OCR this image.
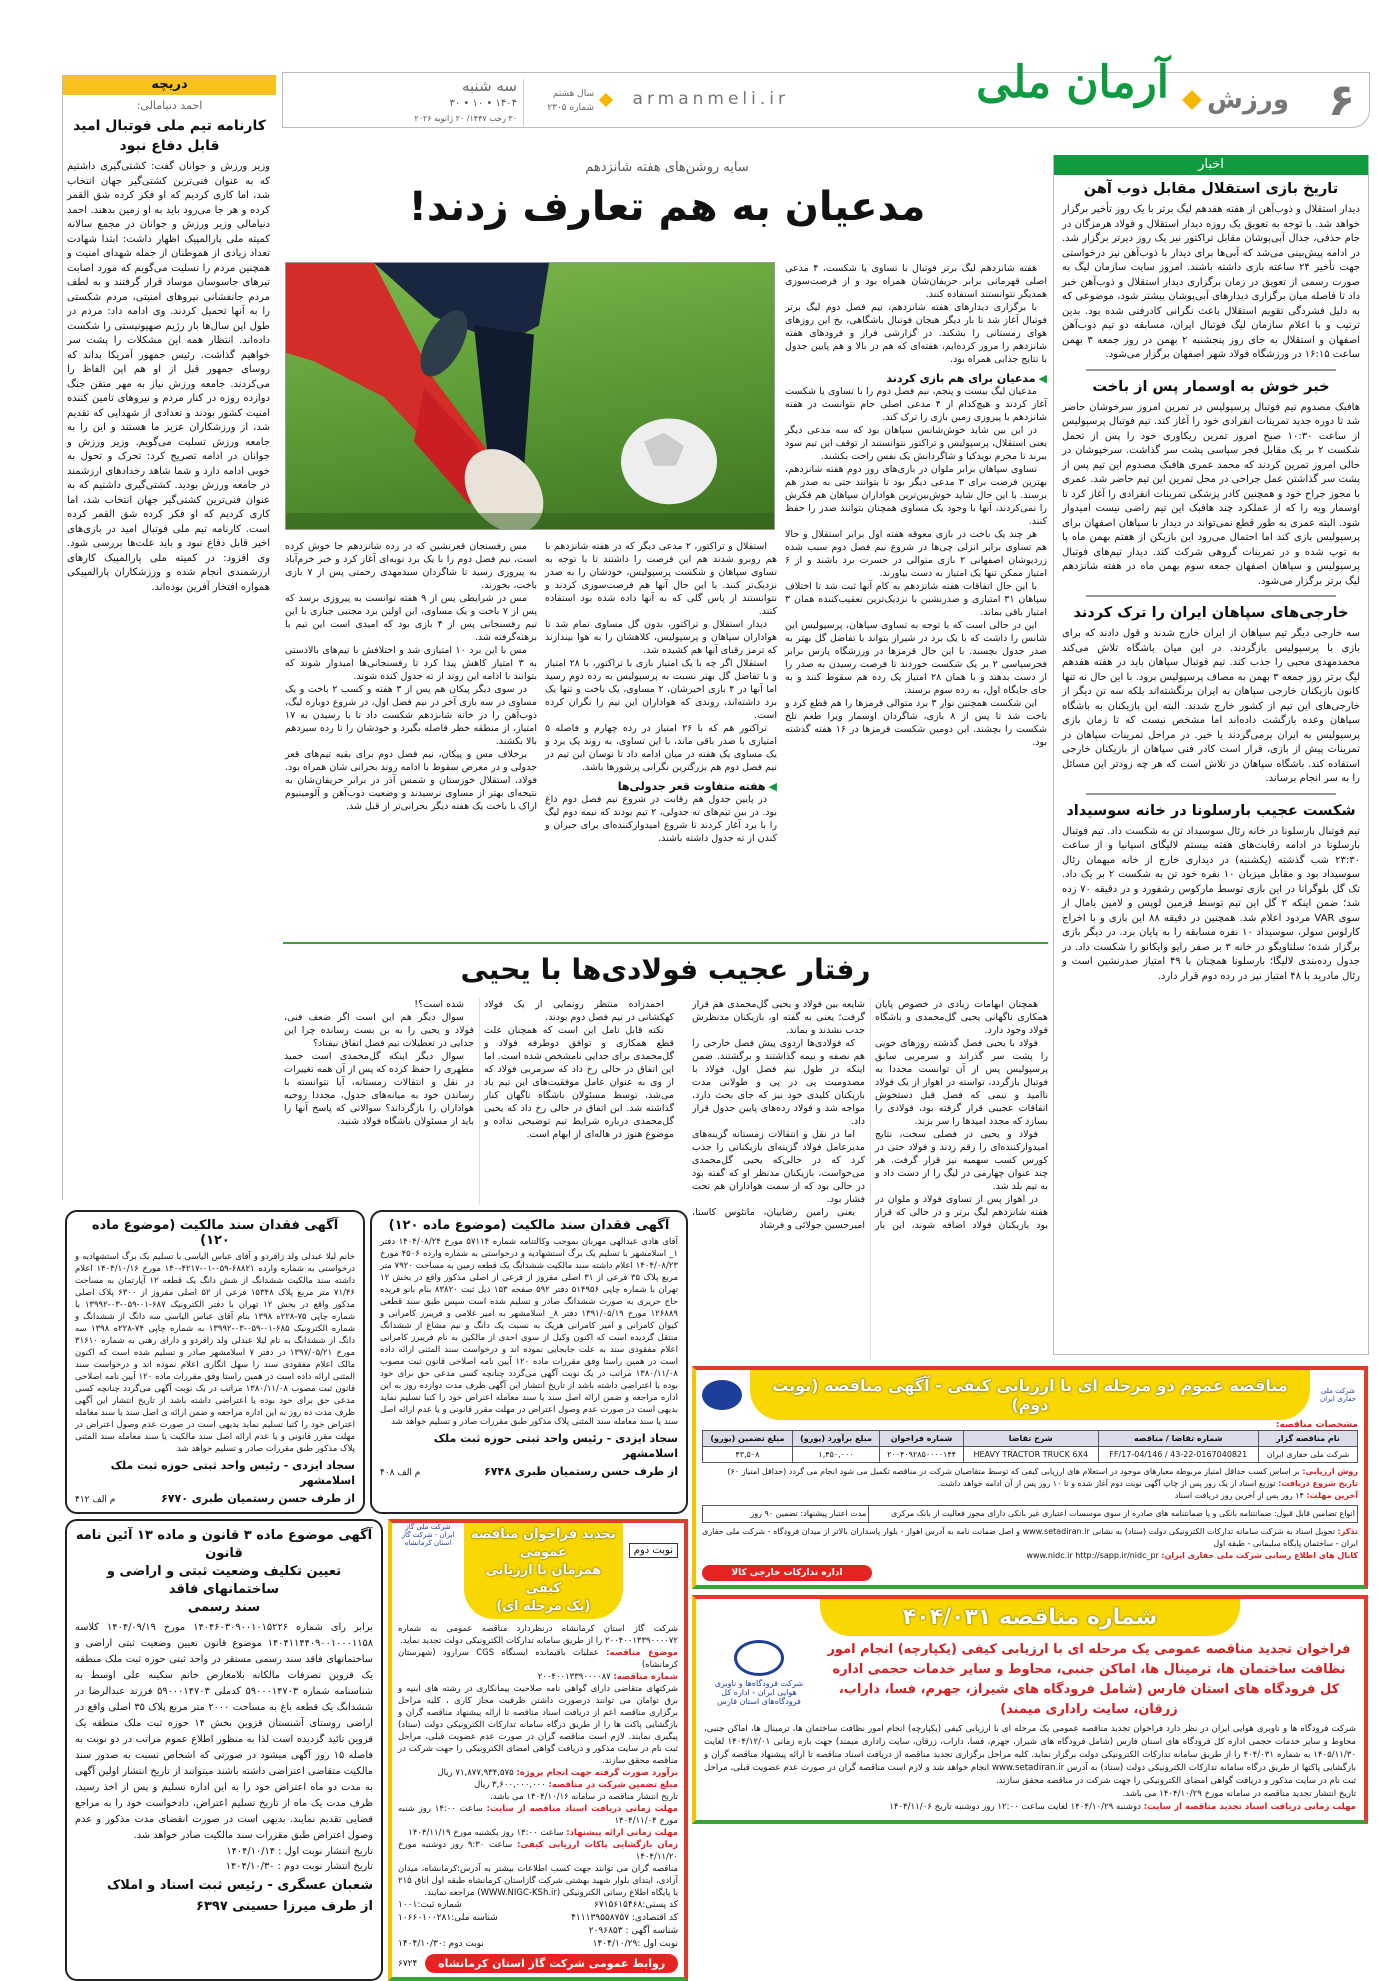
۶
ورزش
آرمان ملی
armanmeli.ir
سال هشتم
شماره ۲۳۰۵
سه شنبه
۱۴۰۴ • ۱۰ • ۳۰
۳۰ رجب ۱۴۴۷/ ۲۰ ژانویه ۲۰۲۶
دریچه
احمد دنیامالی:
کارنامه تیم ملی فوتبال امید قابل دفاع نبود
وزیر ورزش و جوانان گفت: کشتی‌گیری داشتیم که به عنوان فنی‌ترین کشتی‌گیر جهان انتخاب شد، اما کاری کردیم که او فکر کرده شق القمر کرده و هر جا می‌رود باید به او زمین بدهند. احمد دنیامالی وزیر ورزش و جوانان در مجمع سالانه کمیته ملی پارالمپیک اظهار داشت: ابتدا شهادت تعداد زیادی از هموطنان از جمله شهدای امنیت و همچنین مردم را تسلیت می‌گویم که مورد اصابت تیرهای جاسوسان موساد قرار گرفتند و به لطف مردم جانفشانی نیروهای امنیتی، مردم شکستی را به آنها تحمیل کردند. وی ادامه داد: مردم در طول این سال‌ها بار رژیم صهیونیستی را شکست داده‌اند. انتظار همه این مشکلات را پشت سر خواهیم گذاشت. رئیس جمهور آمریکا بداند که روسای جمهور قبل از او هم این الفاظ را می‌کردند. جامعه ورزش نیاز به مهر متقن جنگ دوازده روزه در کنار مردم و نیروهای تامین کننده امنیت کشور بودند و تعدادی از شهدایی که تقدیم شد، از ورزشکاران عزیز ما هستند و این را به جامعه ورزش تسلیت می‌گویم. وزیر ورزش و جوانان در ادامه تصریح کرد: تحرک و تحول به خوبی ادامه دارد و شما شاهد رخدادهای ارزشمند در جامعه ورزش بودید. کشتی‌گیری داشتیم که به عنوان فنی‌ترین کشتی‌گیر جهان انتخاب شد، اما کاری کردیم که او فکر کرده شق القمر کرده است. کارنامه تیم ملی فوتبال امید در بازی‌های اخیر قابل دفاع نبود و باید علت‌ها بررسی شود. وی افزود: در کمیته ملی پارالمپیک کارهای ارزشمندی انجام شده و ورزشکاران پارالمپیکی همواره افتخار آفرین بوده‌اند.
اخبار
تاریخ بازی استقلال مقابل ذوب آهن
دیدار استقلال و ذوب‌آهن از هفته هفدهم لیگ برتر با یک روز تأخیر برگزار خواهد شد. با توجه به تعویق یک روزه دیدار استقلال و فولاد هرمزگان در جام حذفی، جدال آبی‌پوشان مقابل تراکتور نیز یک روز دیرتر برگزار شد. در ادامه پیش‌بینی می‌شد که آبی‌ها برای دیدار با ذوب‌آهن نیز درخواستی جهت تأخیر ۲۴ ساعته بازی داشته باشند. امروز سایت سازمان لیگ به صورت رسمی از تعویق در زمان برگزاری دیدار استقلال و ذوب‌آهن خبر داد تا فاصله میان برگزاری دیدارهای آبی‌پوشان بیشتر شود، موضوعی که به دلیل فشردگی تقویم استقلال باعث نگرانی کادرفنی شده بود. بدین ترتیب و با اعلام سازمان لیگ فوتبال ایران، مسابقه دو تیم ذوب‌آهن اصفهان و استقلال به جای روز پنجشنبه ۲ بهمن در روز جمعه ۳ بهمن ساعت ۱۶:۱۵ در ورزشگاه فولاد شهر اصفهان برگزار می‌شود.
خبر خوش به اوسمار پس از باخت
هافبک مصدوم تیم فوتبال پرسپولیس در تمرین امروز سرخوشان حاضر شد تا دوره جدید تمرینات انفرادی خود را آغاز کند. تیم فوتبال پرسپولیس از ساعت ۱۰:۳۰ صبح امروز تمرین ریکاوری خود را پس از تحمل شکست ۲ بر یک مقابل فجر سپاسی پشت سر گذاشت. سرخپوشان در حالی امروز تمرین کردند که محمد عمری هافبک مصدوم این تیم پس از پشت سر گذاشتن عمل جراحی در محل تمرین این تیم حاضر شد. عمری با مجوز جراح خود و همچنین کادر پزشکی تمرینات انفرادی را آغاز کرد تا اوسمار ویه را که از عملکرد چند هافبک این تیم راضی نیست امیدوار شود. البته عمری به طور قطع نمی‌تواند در دیدار با سپاهان اصفهان برای پرسپولیس بازی کند اما احتمال می‌رود این بازیکن از هفتم بهمن ماه پا به توپ شده و در تمرینات گروهی شرکت کند. دیدار تیم‌های فوتبال پرسپولیس و سپاهان اصفهان جمعه سوم بهمن ماه در هفته شانزدهم لیگ برتر برگزار می‌شود.
خارجی‌های سپاهان ایران را ترک کردند
سه خارجی دیگر تیم سپاهان از ایران خارج شدند و قول دادند که برای بازی با پرسپولیس بازگردند. در این میان باشگاه تلاش می‌کند محمدمهدی محبی را جذب کند. تیم فوتبال سپاهان باید در هفته هفدهم لیگ برتر روز جمعه ۳ بهمن به مصاف پرسپولیس برود. با این حال نه تنها کانون بازیکنان خارجی سپاهان به ایران برنگشته‌اند بلکه سه تن دیگر از خارجی‌های این تیم از کشور خارج شدند. البته این بازیکنان به باشگاه سپاهان وعده بازگشت داده‌اند اما مشخص نیست که تا زمان بازی پرسپولیس به ایران برمی‌گردند یا خیر. در مراحل تمرینات سپاهان در تمرینات پیش از بازی، قرار است کادر فنی سپاهان از بازیکنان خارجی استفاده کند. باشگاه سپاهان در تلاش است که هر چه زودتر این مسائل را به سر انجام برساند.
شکست عجیب بارسلونا در خانه سوسیداد
تیم فوتبال بارسلونا در خانه رئال سوسیداد تن به شکست داد. تیم فوتبال بارسلونا در ادامه رقابت‌های هفته بیستم لالیگای اسپانیا و از ساعت ۲۳:۳۰ شب گذشته (یکشنبه) در دیداری خارج از خانه میهمان رئال سوسیداد بود و مقابل میزبان ۱۰ نفره خود تن به شکست ۲ بر یک داد. تک گل بلوگرانا در این بازی توسط مارکوس رشفورد و در دقیقه ۷۰ زده شد؛ ضمن اینکه ۲ گل این تیم توسط فرمین لوپس و لامین یامال از سوی VAR مردود اعلام شد. همچنین در دقیقه ۸۸ این بازی و با اخراج کارلوس سولر، سوسیداد ۱۰ نفره مسابقه را به پایان برد. در دیگر بازی برگزار شده؛ سلتاویگو در خانه ۳ بر صفر رایو وایکانو را شکست داد. در جدول رده‌بندی لالیگا؛ بارسلونا همچنان با ۴۹ امتیاز صدرنشین است و رئال مادرید با ۴۸ امتیاز نیز در رده دوم قرار دارد.
سایه روشن‌های هفته شانزدهم
مدعیان به هم تعارف زدند!

هفته شانزدهم لیگ برتر فوتبال با تساوی یا شکست، ۴ مدعی اصلی قهرمانی برابر حریفان‌شان همراه بود و از فرصت‌سوزی همدیگر نتوانستند استفاده کنند.

با برگزاری دیدارهای هفته شانزدهم، نیم فصل دوم لیگ برتر فوتبال آغاز شد تا بار دیگر هیجان فوتبال باشگاهی، یخ این روزهای هوای زمستانی را بشکند. در گزارشی فراز و فرودهای هفته شانزدهم را مرور کرده‌ایم، هفته‌ای که هم در بالا و هم پایین جدول با نتایج جذابی همراه بود.

◀ مدعیان برای هم بازی کردند

مدعیان لیگ بیست و پنجم، نیم فصل دوم را با تساوی یا شکست آغاز کردند و هیچ‌کدام از ۴ مدعی اصلی جام نتوانست در هفته شانزدهم با پیروزی زمین بازی را ترک کند.

در این بین شاید خوش‌شانس سپاهان بود که سه مدعی دیگر یعنی استقلال، پرسپولیس و تراکتور نتوانستند از توقف این تیم سود ببرند تا محرم نویدکیا و شاگردانش یک نفس راحت بکشند.

تساوی سپاهان برابر ملوان در بازی‌های روز دوم هفته شانزدهم، بهترین فرصت برای ۳ مدعی دیگر بود تا بتوانند حتی به صدر هم برسند. با این حال شاید خوش‌بین‌ترین هواداران سپاهان هم فکرش را نمی‌کردند، آنها با وجود یک مساوی همچنان بتوانند صدر را حفظ کنند.

هر چند یک باخت در بازی معوقه هفته اول برابر استقلال و حالا هم تساوی برابر انزلی چی‌ها در شروع نیم فصل دوم سبب شده زردپوشان اصفهانی ۲ بازی متوالی در حسرت برد باشند و از ۶ امتیاز ممکن تنها یک امتیاز به دست بیاورند.

با این حال اتفاقات هفته شانزدهم به کام آنها ثبت شد تا اختلاف سپاهان ۳۱ امتیازی و صدرنشین با نزدیک‌ترین تعقیب‌کننده همان ۳ امتیاز باقی بماند.

این در حالی است که با توجه به تساوی سپاهان، پرسپولیس این شانس را داشت که با یک برد در شیراز بتواند با تفاضل گل بهتر به صدر جدول بچسبد. با این حال قرمزها در ورزشگاه پارس برابر فجرسپاسی ۲ بر یک شکست خوردند تا فرصت رسیدن به صدر را از دست بدهند و با همان ۲۸ امتیاز یک رده هم سقوط کنند و به جای جایگاه اول، به رده سوم برسند.

این شکست همچنین نوار ۳ برد متوالی قرمزها را هم قطع کرد و باخت شد تا پس از ۸ بازی، شاگردان اوسمار ویرا طعم تلخ شکست را بچشند. این دومین شکست قرمزها در ۱۶ هفته گذشته بود.

استقلال و تراکتور، ۲ مدعی دیگر که در هفته شانزدهم با هم روبرو شدند هم این فرصت را داشتند تا با توجه به تساوی سپاهان و شکست پرسپولیس، خودشان را به صدر نزدیک‌تر کنند. با این حال آنها هم فرصت‌سوزی کردند و نتوانستند از پاس گلی که به آنها داده شده بود استفاده کنند.

دیدار استقلال و تراکتور، بدون گل مساوی تمام شد تا هواداران سپاهان و پرسپولیس، کلاهشان را به هوا بیندازند که ترمز رقبای آنها هم کشیده شد.

استقلال اگر چه با یک امتیاز بازی با تراکتور، با ۲۸ امتیاز و با تفاضل گل بهتر نسبت به پرسپولیس به رده دوم رسید اما آنها در ۴ بازی اخیرشان، ۲ مساوی، یک باخت و تنها یک برد داشته‌اند، روندی که هواداران این تیم را نگران کرده است.

تراکتور هم که با ۲۶ امتیاز در رده چهارم و فاصله ۵ امتیازی با صدر باقی ماند، با این تساوی، به روند یک برد و یک مساوی یک هفته در میان ادامه داد تا نوسان این تیم در نیم فصل دوم هم بزرگترین نگرانی پرشورها باشد.

◀ هفته متفاوت قعر جدولی‌ها

در پایین جدول هم رقابت در شروع نیم فصل دوم داغ بود. در بین تیم‌های ته جدولی، ۲ تیم بودند که نیمه دوم لیگ را با برد آغاز کردند تا شروع امیدوارکننده‌ای برای جبران و کندن از ته جدول داشته باشند.

مس رفسنجان قعرنشین که در رده شانزدهم جا خوش کرده است، نیم فصل دوم را با یک برد نوبه‌ای آغاز کرد و خبر خرم‌آباد به پیروزی رسید تا شاگردان سیدمهدی رحمتی پس از ۷ بازی باخت، بخورند.

مس در شرایطی پس از ۹ هفته توانست به پیروزی برسد که پس از ۷ باخت و یک مساوی، این اولین برد مجتبی جباری با این تیم رفسنجانی پس از ۴ بازی بود که امیدی است این تیم با برهنه‌گرفته شد.

مس با این برد ۱۰ امتیازی شد و اختلافش با تیم‌های بالادستی به ۳ امتیاز کاهش پیدا کرد تا رفسنجانی‌ها امیدوار شوند که بتوانند با ادامه این روند از ته جدول کنده شوند.

در سوی دیگر پیکان هم پس از ۳ هفته و کسب ۲ باخت و یک مساوی در سه بازی آخر در نیم فصل اول، در شروع دوباره لیگ، ذوب‌آهن را در خانه شانزدهم شکست داد تا با رسیدن به ۱۷ امتیاز، از منطقه خطر فاصله بگیرد و خودشان را تا رده سیزدهم بالا بکشند.

برخلاف مس و پیکان، نیم فصل دوم برای بقیه تیم‌های قعر جدولی و در معرض سقوط با ادامه روند بحرانی شان همراه بود. فولاد، استقلال خوزستان و شمس آذر در برابر حریفان‌شان به نتیجه‌ای بهتر از مساوی نرسیدند و وضعیت ذوب‌آهن و آلومینیوم اراک با باخت یک هفته دیگر بحرانی‌تر از قبل شد.

رفتار عجیب فولادی‌ها با یحیی

همچنان ابهامات زیادی در خصوص پایان همکاری ناگهانی یحیی گل‌محمدی و باشگاه فولاد وجود دارد.

فولاد با یحیی فصل گذشته روزهای خوبی را پشت سر گذراند و سرمربی سابق پرسپولیس پس از آن توانست مجددا به فوتبال بازگردد، تواسته در اهواز از یک فولاد ناامید و تیمی که فصل قبل دستخوش اتفاقات عجیبی قرار گرفته بود، فولادی را بسازد که مجدد امیدها را سر بزند.

فولاد و یحیی در فصلی سخت، نتایج امیدوارکننده‌ای را رقم زدند و فولاد حتی در کورس کسب سهمیه نیز قرار گرفت. هر چند عنوان چهارمی در لیگ را از دست داد و به تیم بلد شد.

در اهواز پس از تساوی فولاد و ملوان در هفته شانزدهم لیگ برتر و در حالی که قرار بود بازیکنان فولاد اضافه شوند، این بار شایعه بین فولاد و یحیی گل‌محمدی هم قرار گرفت؛ یعنی به گفته او، بازیکنان مدنظرش جذب نشدند و بماند.

که فولادی‌ها اردوی پیش فصل خارجی را هم نصفه و نیمه گذاشتند و برگشتند. ضمن اینکه در طول نیم فصل اول، فولاد با مصدومیت پی در پی و طولانی مدت بازیکنان کلیدی خود نیز که جای بحث دارد، مواجه شد و فولاد رده‌های پایین جدول قرار داد.

اما در نقل و انتقالات زمستانه گزینه‌های مدیرعامل فولاد گزینه‌ای بازیکنانی را جذب کرد که در حالی‌که یحیی گل‌محمدی می‌خواست، بازیکنان مدنظر او که گفته بود در حالی بود که از سمت هواداران هم تحت فشار بود.

یعنی رامین رضاییان، ماتئوس کاستا، امیرحسین جولائی و فرشاد

شرکت ملی حفاری ایران
مناقصه عموم دو مرحله ای با ارزیابی کیفی - آگهی مناقصه (نوبت دوم)
مشخصات مناقصه:
نام مناقصه گزار	شماره تقاضا / مناقصه	شرح تقاضا	شماره فراخوان	مبلغ برآورد (یورو)	مبلغ تضمین (یورو)
شرکت ملی حفاری ایران	43-22-0167040821 / FF/17-04/146	HEAVY TRACTOR TRUCK 6X4	۲۰۰۴۰۹۲۸۵۰۰۰۰۱۴۴	۱,۴۵۰,۰۰۰	۴۳,۵۰۸
روش ارزیابی: بر اساس کسب حداقل امتیاز مربوطه معیارهای موجود در استعلام های ارزیابی کیفی که توسط متقاضیان شرکت در مناقصه تکمیل می شود انجام می گردد (حداقل امتیاز ۶۰)
تاریخ شروع دریافت: توزیع اسناد از یک روز پس از چاپ آگهی نوبت دوم آغاز شده و تا ۱۰ روز پس از آن ادامه خواهد داشت.
آخرین مهلت: ۱۴ روز پس از آخرین روز دریافت اسناد
انواع تضامین قابل قبول: ضمانتنامه بانکی و یا ضمانتنامه های صادره از سوی موسسات اعتباری غیر بانکی دارای مجوز فعالیت از بانک مرکزی
مدت اعتبار پیشنهاد: تضمین ۹۰ روز
تذکر: تحویل اسناد به شرکت سامانه تدارکات الکترونیکی دولت (ستاد) به نشانی www.setadiran.ir و اصل ضمانت نامه به آدرس اهواز - بلوار پاسداران بالاتر از میدان فرودگاه - شرکت ملی حفاری ایران - ساختمان پایگاه سلیمانی - طبقه اول
کانال های اطلاع رسانی شرکت ملی حفاری ایران: www.nidc.ir http://sapp.ir/nidc_pr
اداره تدارکات خارجی کالا
شماره مناقصه ۴۰۴/۰۳۱
فراخوان تجدید مناقصه عمومی یک مرحله ای با ارزیابی کیفی (یکپارچه) انجام امور نظافت ساختمان ها، ترمینال ها، اماکن جنبی، محاوط و سایر خدمات حجمی اداره کل فرودگاه های استان فارس (شامل فرودگاه های شیراز، جهرم، فسا، داراب، زرقان، سایت راداری میمند)
شرکت فرودگاه‌ها و ناوبری هوایی ایران - اداره کل فرودگاه‌های استان فارس
شرکت فرودگاه ها و ناوبری هوایی ایران در نظر دارد فراخوان تجدید مناقصه عمومی یک مرحله ای با ارزیابی کیفی (یکپارچه) انجام امور نظافت ساختمان ها، ترمینال ها، اماکن جنبی، محاوط و سایر خدمات حجمی اداره کل فرودگاه های استان فارس (شامل فرودگاه های شیراز، جهرم، فسا، داراب، زرقان، سایت راداری میمند) جهت بازه زمانی ۱۴۰۴/۱۲/۰۱ لغایت ۱۴۰۵/۱۱/۳۰ به شماره ۴۰۴/۰۳۱ را از طریق سامانه تدارکات الکترونیکی دولت برگزار نماید. کلیه مراحل برگزاری تجدید مناقصه از دریافت اسناد مناقصه تا ارائه پیشنهاد مناقصه گران و بازگشایی پاکتها از طریق درگاه سامانه تدارکات الکترونیکی دولت (ستاد) به آدرس www.setadiran.ir انجام خواهد شد و لازم است مناقصه گران در صورت عدم عضویت قبلی، مراحل ثبت نام در سایت مذکور و دریافت گواهی امضای الکترونیکی را جهت شرکت در مناقصه محقق سازند.
تاریخ انتشار تجدید مناقصه در سامانه مورخ ۱۴۰۴/۱۰/۲۹ می باشد.
مهلت زمانی دریافت اسناد تجدید مناقصه از سایت: دوشنبه ۱۴۰۴/۱۰/۲۹ لغایت ساعت ۱۲:۰۰ روز دوشنبه تاریخ ۱۴۰۴/۱۱/۰۶

احمدزاده منتظر رونمایی از یک فولاد کهکشانی در نیم فصل دوم بودند.

نکته قابل تامل این است که همچنان علت قطع همکاری و توافق دوطرفه فولاد و گل‌محمدی برای جدایی نامشخص شده است. اما این اتفاق در حالی رخ داد که سرمربی فولاد که از وی به عنوان عامل موفقیت‌های این تیم یاد می‌شد، توسط مسئولان باشگاه ناگهان کنار گذاشته شد. این اتفاق در حالی رخ داد که یحیی گل‌محمدی درباره شرایط تیم توضیحی نداده و موضوع هنوز در هاله‌ای از ابهام است.

شده است؟!

سوال دیگر هم این است اگر ضعف فنی، فولاد و یحیی را به بن بست رسانده چرا این جدایی در تعطیلات نیم فصل اتفاق نیفتاد؟

سوال دیگر اینکه گل‌محمدی است حمید مطهری را حفظ کرده که پس از آن همه تغییرات در نقل و انتقالات زمستانه، آیا نتوانسته با رساندن خود به میانه‌های جدول، مجددا روحیه هواداران را بازگرداند؟ سوالاتی که پاسخ آنها را باید از مسئولان باشگاه فولاد شنید.

آگهی فقدان سند مالکیت (موضوع ماده ۱۲۰)
آقای هادی عبدالهی مهربان بموجب وکالتنامه شماره ۵۷۱۱۴ مورخ ۱۴۰۴/۰۸/۲۴ دفتر ۱_ اسلامشهر با تسلیم یک برگ استشهادیه و درخواستی به شماره وارده ۴۵۰۶ مورخ ۱۴۰۴/۰۸/۲۳ اعلام داشته سند مالکیت ششدانگ یک قطعه زمین به مساحت ۷۹۲۰ متر مربع پلاک ۳۵ فرعی از ۳۱ اصلی مفروز از فرعی از اصلی مذکور واقع در بخش ۱۲ تهران با شماره چاپی ۵۱۴۹۵۶ دفتر ۵۹۲ صفحه ۱۵۳ ذیل ثبت ۸۳۸۲۰ بنام بانو فریده حاج حریری به صورت ششدانگ صادر و تسلیم شده است سپس طبق سند قطعی ۱۲۶۸۸۹ مورخ ۱۳۹۱/۰۵/۱۹ دفتر ۸_ اسلامشهر به امیر غلامی و فریبرز کامرانی و کیوان کامرانی و امیر کامرانی هریک به نسبت یک دانگ و نیم مشاع از ششدانگ منتقل گردیده است که اکنون وکیل از سوی احدی از مالکین به نام فریبرز کامرانی اعلام مفقودی سند به علت جابجایی نموده اند و درخواست سند المثنی ارائه داده است در همین راستا وفق مقررات ماده ۱۲۰ آیین نامه اصلاحی قانون ثبت مصوب ۱۳۸۰/۱۱/۰۸ مراتب در یک نوبت آگهی می‌گردد چنانچه کسی مدعی حق برای خود بوده یا اعتراضی داشته باشد از تاریخ انتشار این آگهی ظرف مدت دوازده روز به این اداره مراجعه و ضمن ارائه اصل سند یا سند معامله اعتراض خود را کتبا تسلیم نماید بدیهی است در صورت عدم وصول اعتراض در مهلت مقرر قانونی و یا عدم ارائه اصل سند یا سند معامله سند المثنی پلاک مذکور طبق مقررات صادر و تسلیم خواهد شد
سجاد ایزدی - رئیس واحد ثبتی حوزه ثبت ملک اسلامشهر
از طرف حسن رستمیان طبری ۶۷۴۸
م الف ۴۰۸
آگهی فقدان سند مالکیت (موضوع ماده ۱۲۰)
خانم لیلا عبدلی ولد زاقردو و آقای عباس الیاسی با تسلیم یک برگ استشهادیه و درخواستی به شماره وارده ۶۸۸۲۱-۰۵۹-۰۱-۴۲۱۷-۱۴۰ مورخ ۱۴۰۴/۱۰/۱۶ اعلام داشته سند مالکیت ششدانگ از شش دانگ یک قطعه ۱۲ آپارتمان به مساحت ۷۱/۴۶ متر مربع پلاک ۱۵۳۴۸ فرعی از ۵۲ اصلی مفروز از ۶۳۰۰ پلاک اصلی مذکور واقع در بخش ۱۲ تهران با دفتر الکترونیک ۶۸۷-۰۱-۰۵۹-۰۳-۱۳۹۹۲ با شماره چاپی ۷۵-۲۲۸ه ۱۳۹۸ بنام آقای عباس الیاسی سه دانگ از ششدانگ و شماره الکترونیک ۶۸۵-۰۱-۰۵۹-۰۳-۱۳۹۹۲ به شماره چاپی ۷۴-۲۲۸ه ۱۳۹۸ سه دانگ از ششدانگ به نام لیلا عبدلی ولد زاقردو و دارای رهنی به شماره ۳۱۶۱۰ مورخ ۱۳۹۷/۰۵/۲۱ در دفتر ۷ اسلامشهر صادر و تسلیم شده است که اکنون مالک اعلام مفقودی سند را سهل انگاری اعلام نموده اند و درخواست سند المثنی ارائه داده است در همین راستا وفق مقررات ماده ۱۲۰ آیین نامه اصلاحی قانون ثبت مصوب ۱۳۸۰/۱۱/۰۸ مراتب در یک نوبت آگهی می‌گردد چنانچه کسی مدعی حق برای خود بوده یا اعتراضی داشته باشد از تاریخ انتشار این آگهی ظرف مدت ده روز به این اداره مراجعه و ضمن ارائه ی اصل سند یا سند معامله اعتراض خود را کتبا تسلیم نماید بدیهی است در صورت عدم وصول اعتراض در مهلت مقرر قانونی و یا عدم ارائه اصل سند مالکیت یا سند معامله سند المثنی پلاک مذکور طبق مقررات صادر و تسلیم خواهد شد
سجاد ایزدی - رئیس واحد ثبتی حوزه ثبت ملک اسلامشهر
از طرف حسن رستمیان طبری ۶۷۷۰
م الف ۴۱۲
نوبت دوم
تجدید فراخوان مناقصه عمومی
همزمان با ارزیابی کیفی
(یک مرحله ای)
شرکت ملی گاز ایران - شرکت گاز استان کرمانشاه
شرکت گاز استان کرمانشاه درنظردارد مناقصه عمومی به شماره ۲۰۰۴۰۰۱۳۳۹۰۰۰۰۷۲ را از طریق سامانه تدارکات الکترونیکی دولت تجدید نماید.
موضوع مناقصه: عملیات باقیمانده ایستگاه CGS سرارود (شهرستان کرمانشاه)
شماره مناقصه: ۲۰۰۴۰۰۱۳۳۹۰۰۰۰۸۷
شرکتهای متقاضی دارای گواهی نامه صلاحیت پیمانکاری در رشته های ابنیه و برق توامان می توانند درصورت داشتن ظرفیت مجاز کاری ، کلیه مراحل برگزاری مناقصه اعم از دریافت اسناد مناقصه تا ارائه پیشنهاد مناقصه گران و بازگشایی پاکت ها را از طریق درگاه سامانه تدارکات الکترونیکی دولت (ستاد) پیگیری نمایند. لازم است مناقصه گران در صورت عدم عضویت قبلی، مراحل ثبت نام در سایت مذکور و دریافت گواهی امضای الکترونیکی را جهت شرکت در مناقصه محقق سازند.
برآورد صورت گرفته جهت انجام پروژه: ۷۱,۸۷۷,۹۳۴,۵۷۵ ریال
مبلغ تضمین شرکت در مناقصه: ۳,۶۰۰,۰۰۰,۰۰۰ ریال
تاریخ انتشار مناقصه در سامانه ۱۴۰۴/۱۰/۱۶ می باشد.
مهلت زمانی دریافت اسناد مناقصه از سایت: ساعت ۱۴:۰۰ روز شنبه مورخ ۱۴۰۴/۱۱/۰۴
مهلت زمانی ارائه پیشنهاد: ساعت ۱۴:۰۰ روز یکشنبه مورخ ۱۴۰۴/۱۱/۱۹
زمان بازگشایی پاکات ارزیابی کیفی: ساعت ۹:۳۰ روز دوشنبه مورخ ۱۴۰۴/۱۱/۲۰
مناقصه گران می توانند جهت کسب اطلاعات بیشتر به آدرس:کرمانشاه، میدان آزادی، ابتدای بلوار شهید بهشتی شرکت گازاستان کرمانشاه طبقه اول اتاق ۲۱۵ یا پایگاه اطلاع رسانی الکترونیکی (WWW.NIGC-KSh.ir) مراجعه نمایند.
کد پستی:۶۷۱۵۶۱۵۴۶۸
شماره ثبت:۱۰۰۱
کد اقتصادی: ۴۱۱۱۳۹۵۵۸۷۵۷
شناسه ملی:۱۰۶۶۰۱۰۰۲۸۱
شناسه آگهی : ۲۰۹۶۸۵۳
نوبت اول :۱۴۰۴/۱۰/۲۹
نوبت دوم :۱۴۰۴/۱۰/۳۰
روابط عمومی شرکت گاز استان کرمانشاه
۶۷۲۴
آگهی موضوع ماده ۳ قانون و ماده ۱۳ آئین نامه قانون
تعیین تکلیف وضعیت ثبتی و اراضی و ساختمانهای فاقد
سند رسمی
برابر رای شماره ۱۴۰۴۶۰۳۰۹۰۰۱۰۱۵۲۲۶ مورخ ۱۴۰۴/۰۹/۱۹ کلاسه ۱۴۰۴۱۱۴۴۰۹۰۰۱۰۰۰۱۱۵۸ موضوع قانون تعیین وضعیت ثبتی اراضی و ساختمانهای فاقد سند رسمی مستقر در واحد ثبتی حوزه ثبت ملک منطقه یک قزوین تصرفات مالکانه بلامعارض خانم سکینه علی اوسط به شناسنامه شماره ۵۹۰۰۰۱۴۷۰۳ کدملی ۵۹۰۰۰۱۴۷۰۳ فرزند عبدالرضا در ششدانگ یک قطعه باغ به مساحت ۲۰۰۰ متر مربع پلاک ۳۵ اصلی واقع در اراضی روستای آشنستان قزوین بخش ۱۴ حوزه ثبت ملک منطقه یک قزوین تائید گردیده است لذا به منظور اطلاع عموم مراتب در دو نوبت به فاصله ۱۵ روز آگهی میشود در صورتی که اشخاص نسبت به صدور سند مالکیت متقاضی اعتراضی داشته باشند میتوانند از تاریخ انتشار اولین آگهی به مدت دو ماه اعتراض خود را به این اداره تسلیم و پس از اخذ رسید، ظرف مدت یک ماه از تاریخ تسلیم اعتراض، دادخواست خود را به مراجع قضایی تقدیم نمایند. بدیهی است در صورت انقضای مدت مذکور و عدم وصول اعتراض طبق مقررات سند مالکیت صادر خواهد شد.
تاریخ انتشار نوبت اول : ۱۴۰۴/۱۰/۱۴
تاریخ انتشار نوبت دوم : ۱۴۰۴/۱۰/۳۰
شعبان عسگری - رئیس ثبت اسناد و املاک
از طرف میرزا حسینی ۶۳۹۷
